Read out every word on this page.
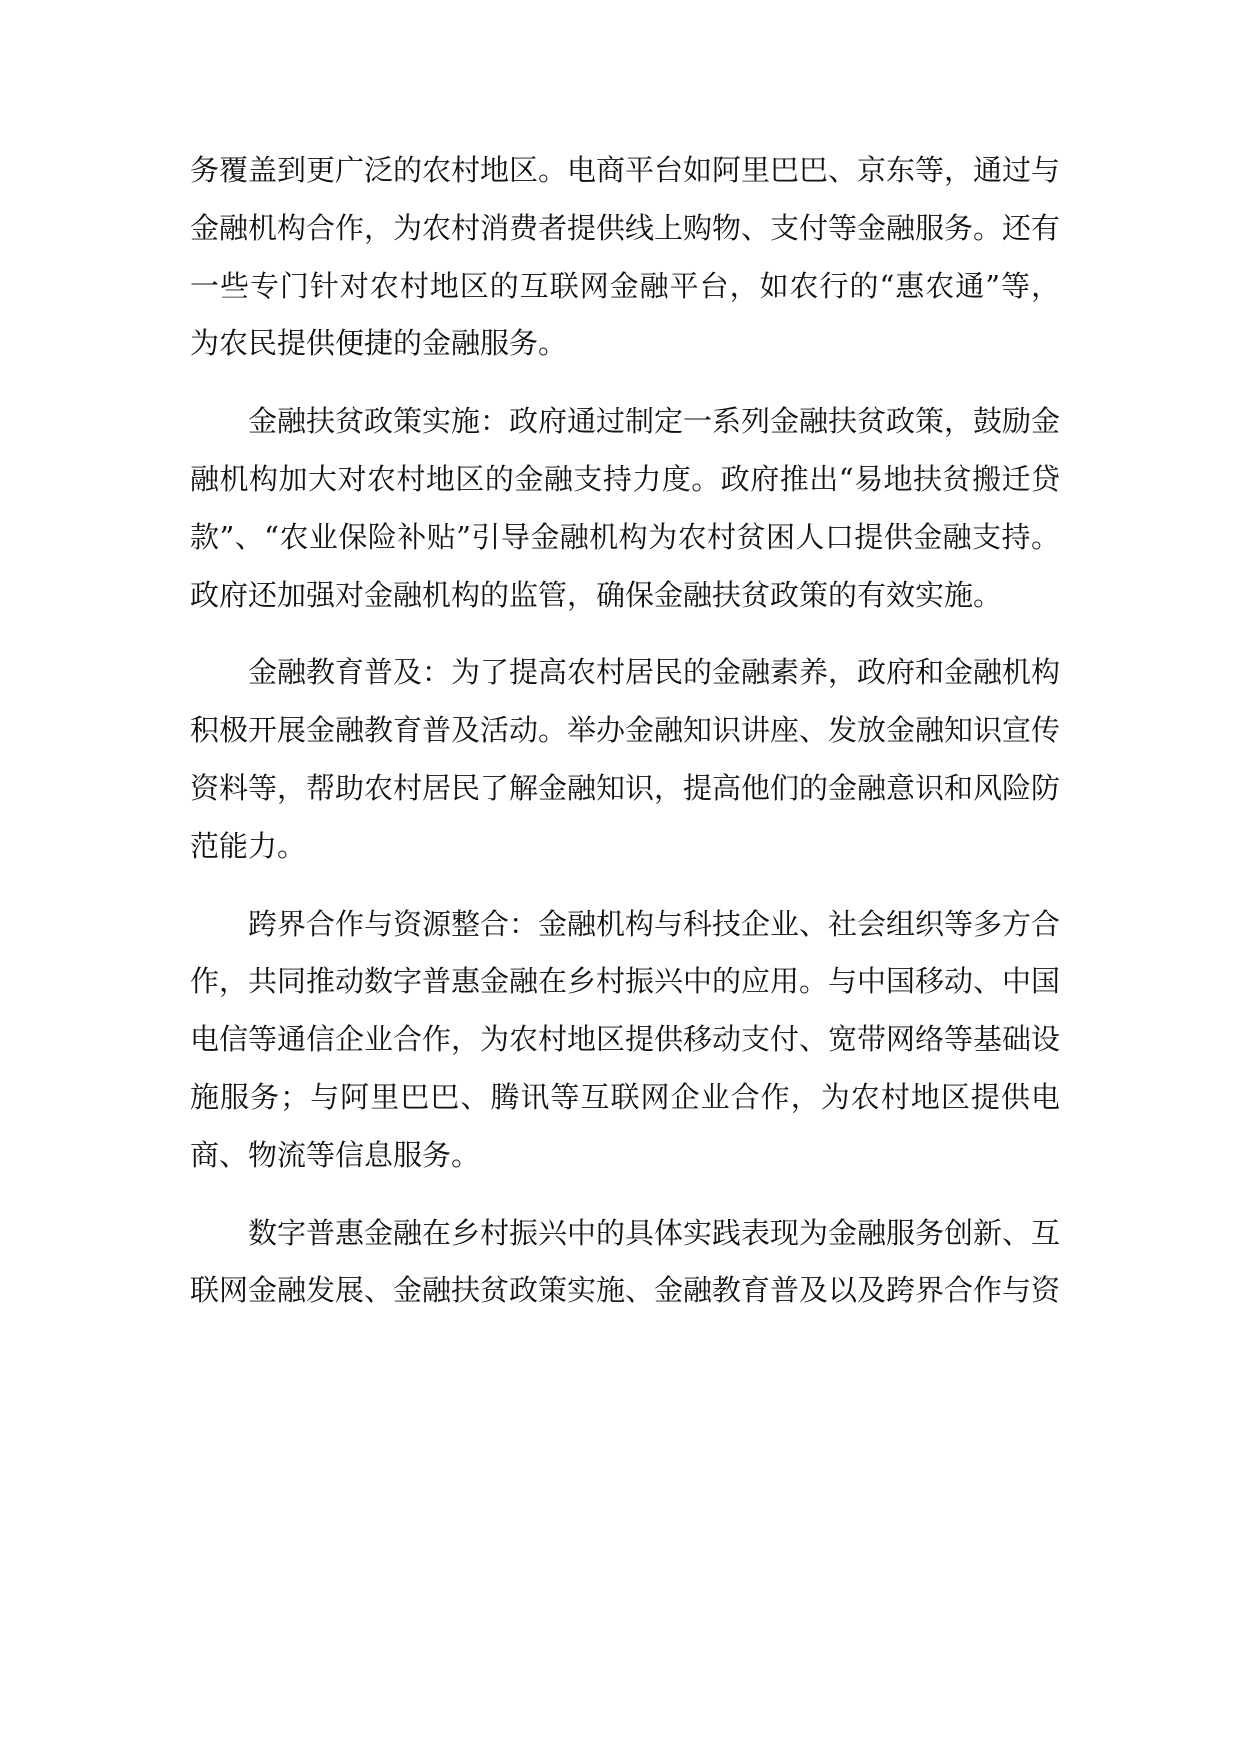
务覆盖到更广泛的农村地区。电商平台如阿里巴巴、京东等，通过与金融机构合作，为农村消费者提供线上购物、支付等金融服务。还有一些专门针对农村地区的互联网金融平台，如农行的“惠农通”等，为农民提供便捷的金融服务。

金融扶贫政策实施：政府通过制定一系列金融扶贫政策，鼓励金融机构加大对农村地区的金融支持力度。政府推出“易地扶贫搬迁贷款”、“农业保险补贴”引导金融机构为农村贫困人口提供金融支持。政府还加强对金融机构的监管，确保金融扶贫政策的有效实施。

金融教育普及：为了提高农村居民的金融素养，政府和金融机构积极开展金融教育普及活动。举办金融知识讲座、发放金融知识宣传资料等，帮助农村居民了解金融知识，提高他们的金融意识和风险防范能力。

跨界合作与资源整合：金融机构与科技企业、社会组织等多方合作，共同推动数字普惠金融在乡村振兴中的应用。与中国移动、中国电信等通信企业合作，为农村地区提供移动支付、宽带网络等基础设施服务；与阿里巴巴、腾讯等互联网企业合作，为农村地区提供电商、物流等信息服务。

数字普惠金融在乡村振兴中的具体实践表现为金融服务创新、互联网金融发展、金融扶贫政策实施、金融教育普及以及跨界合作与资
